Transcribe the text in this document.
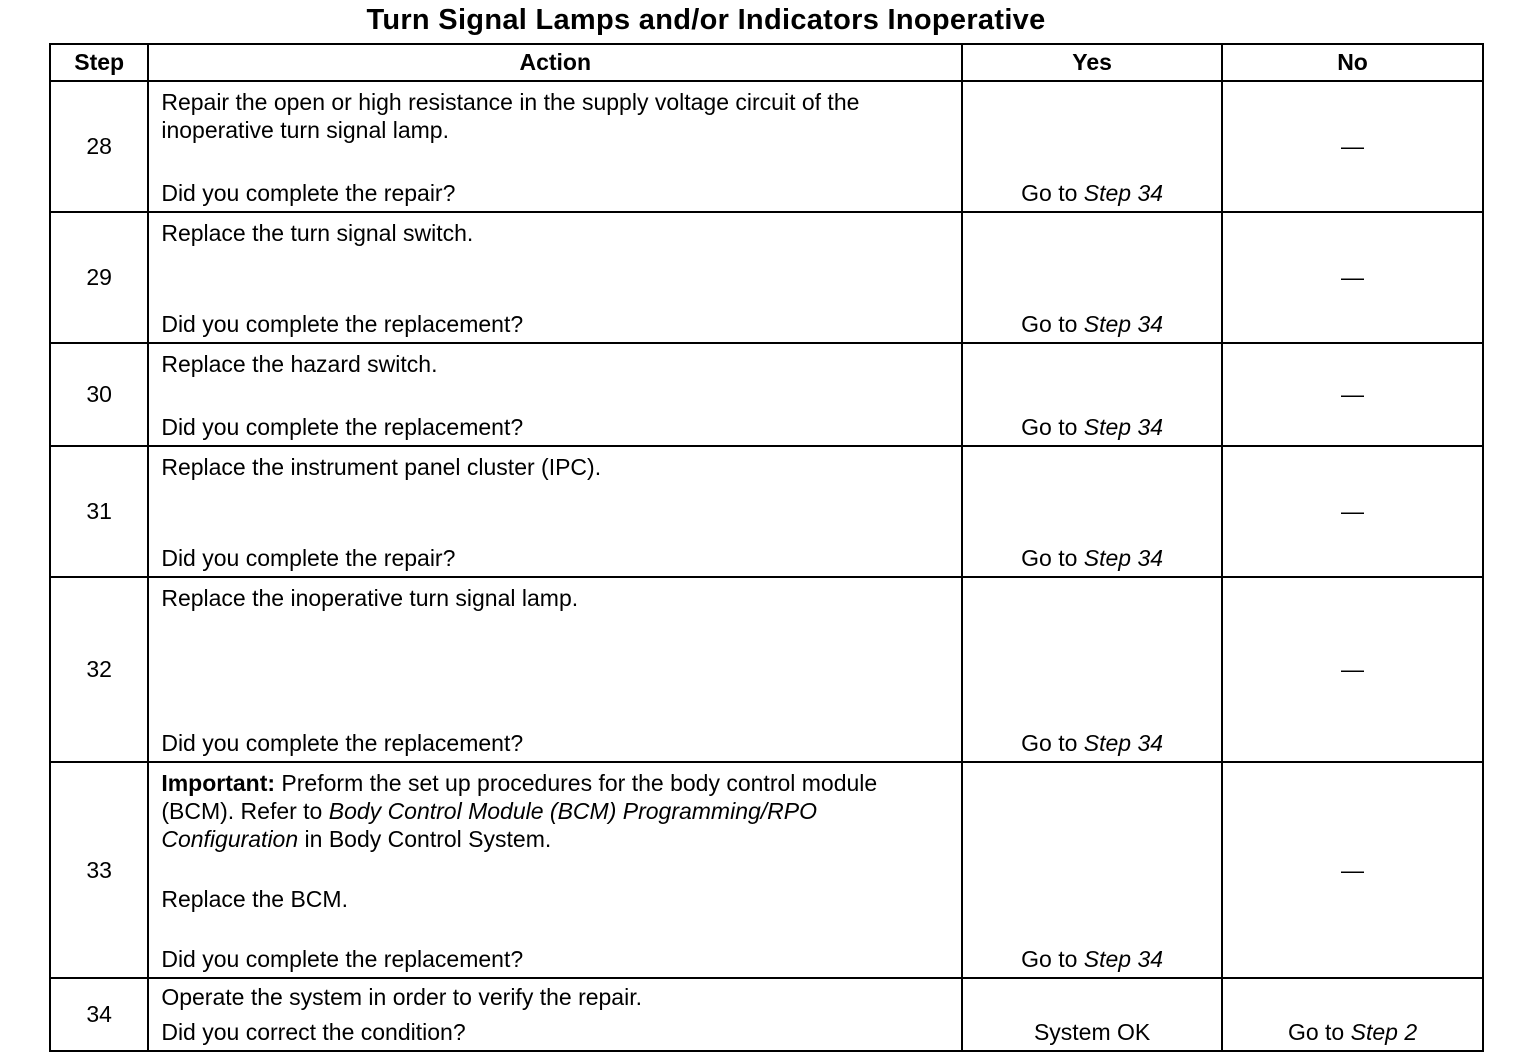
Turn Signal Lamps and/or Indicators Inoperative
Step	Action	Yes	No
28	Repair the open or high resistance in the supply voltage circuit of the inoperative turn signal lamp.
Did you complete the repair?	Go to Step 34	—
29	Replace the turn signal switch.
Did you complete the replacement?	Go to Step 34	—
30	Replace the hazard switch.
Did you complete the replacement?	Go to Step 34	—
31	Replace the instrument panel cluster (IPC).
Did you complete the repair?	Go to Step 34	—
32	Replace the inoperative turn signal lamp.
Did you complete the replacement?	Go to Step 34	—
33	Important: Preform the set up procedures for the body control module (BCM). Refer to Body Control Module (BCM) Programming/RPO Configuration in Body Control System.
Replace the BCM.
Did you complete the replacement?	Go to Step 34	—
34	Operate the system in order to verify the repair.
Did you correct the condition?	System OK	Go to Step 2
